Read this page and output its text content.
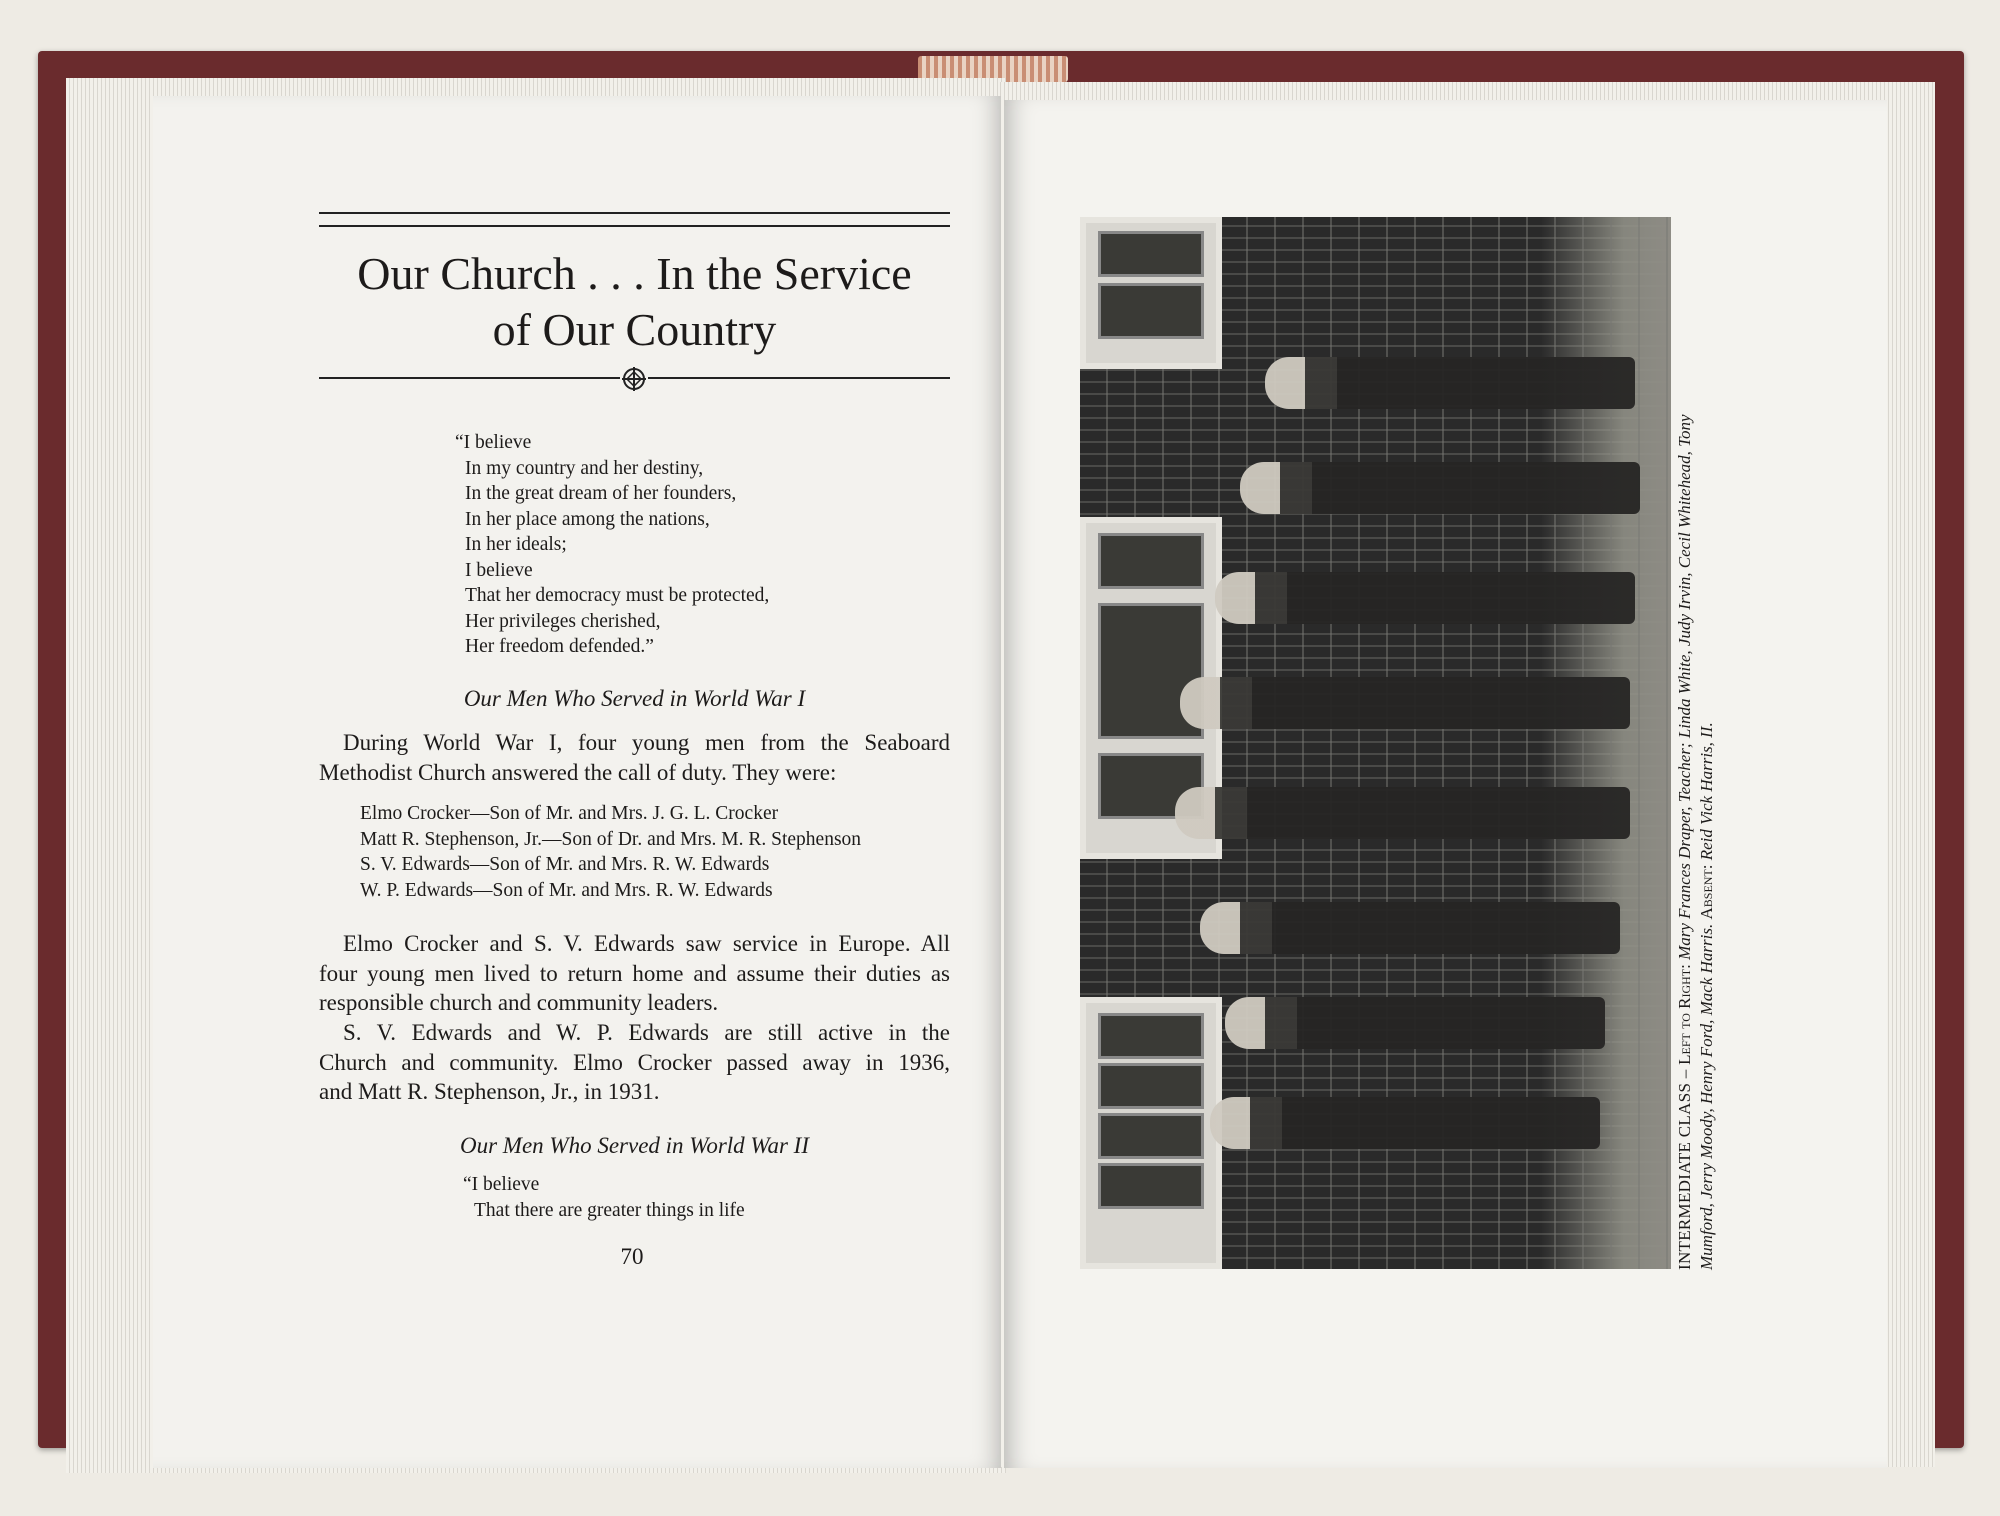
Our Church . . . In the Service
of Our Country
“I believe
In my country and her destiny,
In the great dream of her founders,
In her place among the nations,
In her ideals;
I believe
That her democracy must be protected,
Her privileges cherished,
Her freedom defended.”
Our Men Who Served in World War I
During World War I, four young men from the Seaboard
Methodist Church answered the call of duty. They were:
Elmo Crocker—Son of Mr. and Mrs. J. G. L. Crocker
Matt R. Stephenson, Jr.—Son of Dr. and Mrs. M. R. Stephenson
S. V. Edwards—Son of Mr. and Mrs. R. W. Edwards
W. P. Edwards—Son of Mr. and Mrs. R. W. Edwards
Elmo Crocker and S. V. Edwards saw service in Europe. All
four young men lived to return home and assume their duties as
responsible church and community leaders.
S. V. Edwards and W. P. Edwards are still active in the
Church and community. Elmo Crocker passed away in 1936,
and Matt R. Stephenson, Jr., in 1931.
Our Men Who Served in World War II
“I believe
That there are greater things in life
70	INTERMEDIATE CLASS – Left to Right: Mary Frances Draper, Teacher; Linda White, Judy Irvin, Cecil Whitehead, Tony
Mumford, Jerry Moody, Henry Ford, Mack Harris. Absent: Reid Vick Harris, II.
